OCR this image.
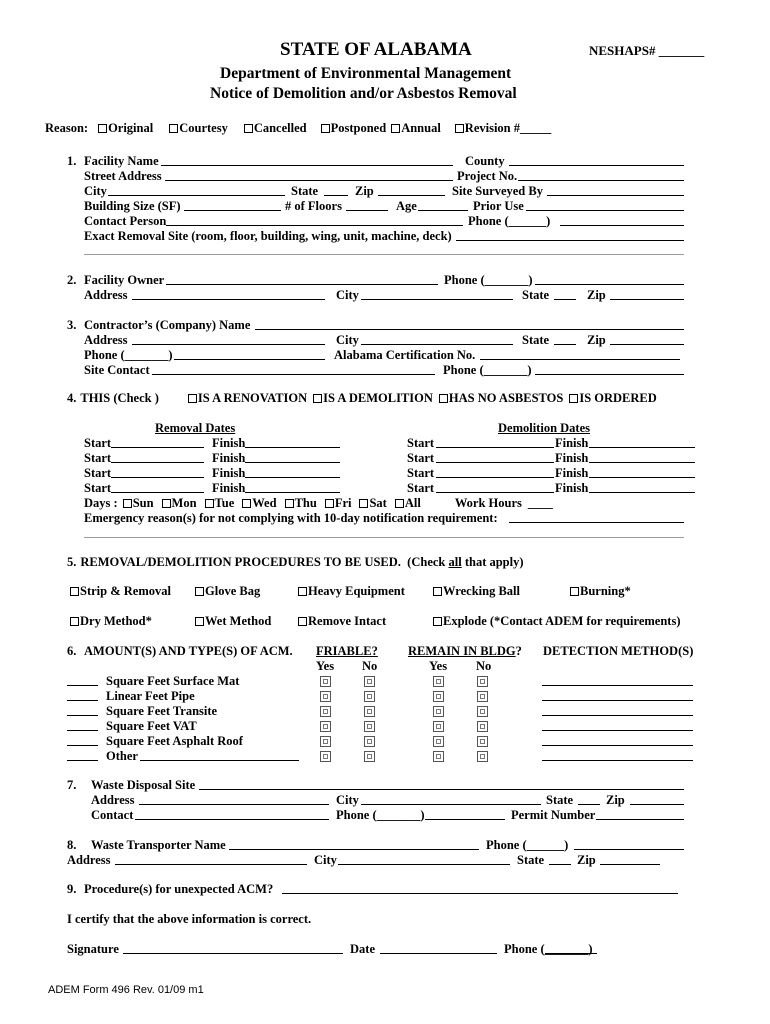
STATE OF ALABAMA	NESHAPS# _______
Department of Environmental Management
Notice of Demolition and/or Asbestos Removal
Reason: Original Courtesy Cancelled Postponed Annual Revision # _____
1. Facility Name	County
Street Address	Project No.
City	State	Zip	Site Surveyed By
Building Size (SF)	# of Floors	Age	Prior Use
Contact Person	Phone (______)
Exact Removal Site (room, floor, building, wing, unit, machine, deck)
2. Facility Owner	Phone (_______)
Address	City	State	Zip
3. Contractor’s (Company) Name
Address	City	State	Zip
Phone (_______)	Alabama Certification No.
Site Contact	Phone (_______)
4. THIS (Check )	IS A RENOVATION IS A DEMOLITION HAS NO ASBESTOS IS ORDERED
Removal Dates	Demolition Dates
Start	Finish	Start	Finish
Start	Finish	Start	Finish
Start	Finish	Start	Finish
Start	Finish	Start	Finish
Days : Sun Mon Tue Wed Thu Fri Sat All	Work Hours ____
Emergency reason(s) for not complying with 10-day notification requirement:
5. REMOVAL/DEMOLITION PROCEDURES TO BE USED.  (Check all that apply)
Strip & Removal	Glove Bag	Heavy Equipment	Wrecking Ball	Burning*
Dry Method*	Wet Method	Remove Intact	Explode (*Contact ADEM for requirements)
6. AMOUNT(S) AND TYPE(S) OF ACM. FRIABLE? REMAIN IN BLDG ? DETECTION METHOD(S)
Yes No	Yes No
Square Feet Surface Mat
Linear Feet Pipe
Square Feet Transite
Square Feet VAT
Square Feet Asphalt Roof
Other
7. Waste Disposal Site
Address	City	State	Zip
Contact	Phone (_______)	Permit Number
8. Waste Transporter Name	Phone (______)
Address	City	State	Zip
9. Procedure(s) for unexpected ACM?
I certify that the above information is correct.
Signature	Date	Phone (_______)
ADEM Form 496 Rev. 01/09 m1
